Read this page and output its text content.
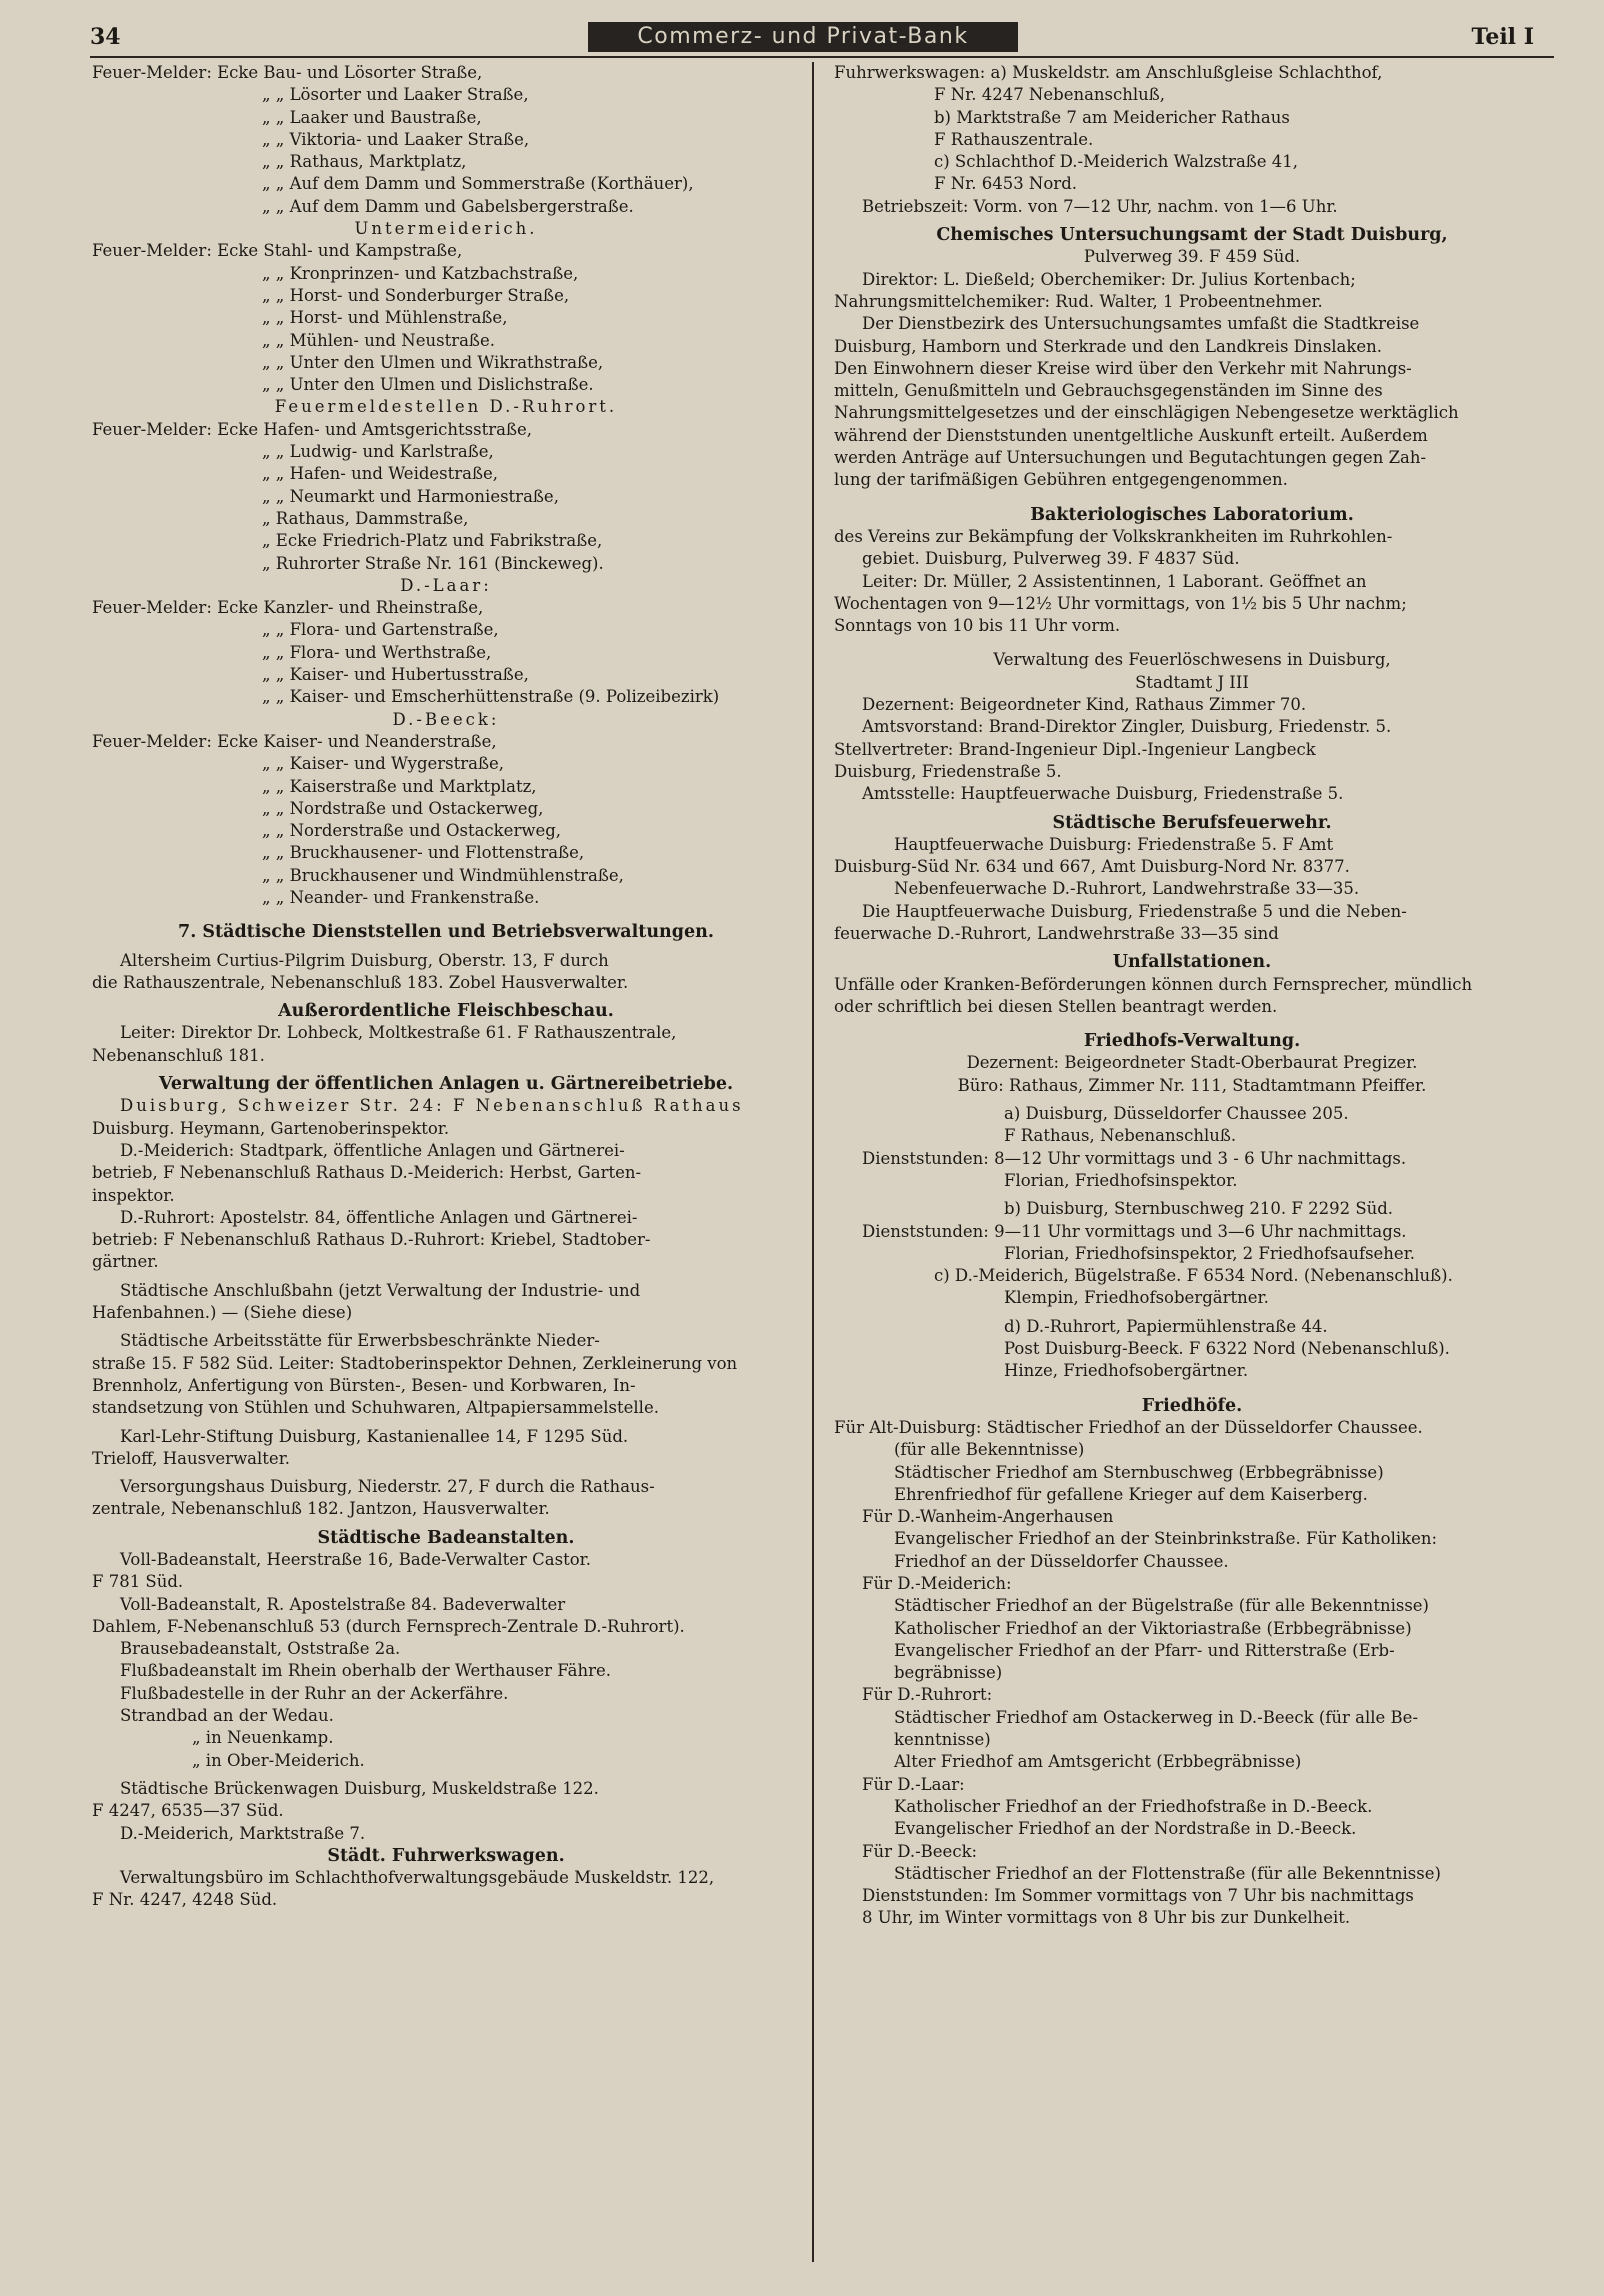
34	Commerz- und Privat-Bank	Teil I
Feuer-Melder: Ecke Bau- und Lösorter Straße,
„ „ Lösorter und Laaker Straße,
„ „ Laaker und Baustraße,
„ „ Viktoria- und Laaker Straße,
„ „ Rathaus, Marktplatz,
„ „ Auf dem Damm und Sommerstraße (Korthäuer),
„ „ Auf dem Damm und Gabelsbergerstraße.
Untermeiderich.
Feuer-Melder: Ecke Stahl- und Kampstraße,
„ „ Kronprinzen- und Katzbachstraße,
„ „ Horst- und Sonderburger Straße,
„ „ Horst- und Mühlenstraße,
„ „ Mühlen- und Neustraße.
„ „ Unter den Ulmen und Wikrathstraße,
„ „ Unter den Ulmen und Dislichstraße.
Feuermeldestellen D.-Ruhrort.
Feuer-Melder: Ecke Hafen- und Amtsgerichtsstraße,
„ „ Ludwig- und Karlstraße,
„ „ Hafen- und Weidestraße,
„ „ Neumarkt und Harmoniestraße,
„ Rathaus, Dammstraße,
„ Ecke Friedrich-Platz und Fabrikstraße,
„ Ruhrorter Straße Nr. 161 (Binckeweg).
D.-Laar:
Feuer-Melder: Ecke Kanzler- und Rheinstraße,
„ „ Flora- und Gartenstraße,
„ „ Flora- und Werthstraße,
„ „ Kaiser- und Hubertusstraße,
„ „ Kaiser- und Emscherhüttenstraße (9. Polizeibezirk)
D.-Beeck:
Feuer-Melder: Ecke Kaiser- und Neanderstraße,
„ „ Kaiser- und Wygerstraße,
„ „ Kaiserstraße und Marktplatz,
„ „ Nordstraße und Ostackerweg,
„ „ Norderstraße und Ostackerweg,
„ „ Bruckhausener- und Flottenstraße,
„ „ Bruckhausener und Windmühlenstraße,
„ „ Neander- und Frankenstraße.
7. Städtische Dienststellen und Betriebsverwaltungen.
Altersheim Curtius-Pilgrim Duisburg, Oberstr. 13, F durch
die Rathauszentrale, Nebenanschluß 183. Zobel Hausverwalter.
Außerordentliche Fleischbeschau.
Leiter: Direktor Dr. Lohbeck, Moltkestraße 61. F Rathauszentrale,
Nebenanschluß 181.
Verwaltung der öffentlichen Anlagen u. Gärtnereibetriebe.
Duisburg, Schweizer Str. 24: F Nebenanschluß Rathaus
Duisburg. Heymann, Gartenoberinspektor.
D.-Meiderich: Stadtpark, öffentliche Anlagen und Gärtnerei-
betrieb, F Nebenanschluß Rathaus D.-Meiderich: Herbst, Garten-
inspektor.
D.-Ruhrort: Apostelstr. 84, öffentliche Anlagen und Gärtnerei-
betrieb: F Nebenanschluß Rathaus D.-Ruhrort: Kriebel, Stadtober-
gärtner.
Städtische Anschlußbahn (jetzt Verwaltung der Industrie- und
Hafenbahnen.) — (Siehe diese)
Städtische Arbeitsstätte für Erwerbsbeschränkte Nieder-
straße 15. F 582 Süd. Leiter: Stadtoberinspektor Dehnen, Zerkleinerung von
Brennholz, Anfertigung von Bürsten-, Besen- und Korbwaren, In-
standsetzung von Stühlen und Schuhwaren, Altpapiersammelstelle.
Karl-Lehr-Stiftung Duisburg, Kastanienallee 14, F 1295 Süd.
Trieloff, Hausverwalter.
Versorgungshaus Duisburg, Niederstr. 27, F durch die Rathaus-
zentrale, Nebenanschluß 182. Jantzon, Hausverwalter.
Städtische Badeanstalten.
Voll-Badeanstalt, Heerstraße 16, Bade-Verwalter Castor.
F 781 Süd.
Voll-Badeanstalt, R. Apostelstraße 84. Badeverwalter
Dahlem, F-Nebenanschluß 53 (durch Fernsprech-Zentrale D.-Ruhrort).
Brausebadeanstalt, Oststraße 2a.
Flußbadeanstalt im Rhein oberhalb der Werthauser Fähre.
Flußbadestelle in der Ruhr an der Ackerfähre.
Strandbad an der Wedau.
„ in Neuenkamp.
„ in Ober-Meiderich.
Städtische Brückenwagen Duisburg, Muskeldstraße 122.
F 4247, 6535—37 Süd.
D.-Meiderich, Marktstraße 7.
Städt. Fuhrwerkswagen.
Verwaltungsbüro im Schlachthofverwaltungsgebäude Muskeldstr. 122,
F Nr. 4247, 4248 Süd.
Fuhrwerkswagen: a) Muskeldstr. am Anschlußgleise Schlachthof,
F Nr. 4247 Nebenanschluß,
b) Marktstraße 7 am Meidericher Rathaus
F Rathauszentrale.
c) Schlachthof D.-Meiderich Walzstraße 41,
F Nr. 6453 Nord.
Betriebszeit: Vorm. von 7—12 Uhr, nachm. von 1—6 Uhr.
Chemisches Untersuchungsamt der Stadt Duisburg,
Pulverweg 39. F 459 Süd.
Direktor: L. Dießeld; Oberchemiker: Dr. Julius Kortenbach;
Nahrungsmittelchemiker: Rud. Walter, 1 Probeentnehmer.
Der Dienstbezirk des Untersuchungsamtes umfaßt die Stadtkreise
Duisburg, Hamborn und Sterkrade und den Landkreis Dinslaken.
Den Einwohnern dieser Kreise wird über den Verkehr mit Nahrungs-
mitteln, Genußmitteln und Gebrauchsgegenständen im Sinne des
Nahrungsmittelgesetzes und der einschlägigen Nebengesetze werktäglich
während der Dienststunden unentgeltliche Auskunft erteilt. Außerdem
werden Anträge auf Untersuchungen und Begutachtungen gegen Zah-
lung der tarifmäßigen Gebühren entgegengenommen.
Bakteriologisches Laboratorium.
des Vereins zur Bekämpfung der Volkskrankheiten im Ruhrkohlen-
gebiet. Duisburg, Pulverweg 39. F 4837 Süd.
Leiter: Dr. Müller, 2 Assistentinnen, 1 Laborant. Geöffnet an
Wochentagen von 9—12½ Uhr vormittags, von 1½ bis 5 Uhr nachm;
Sonntags von 10 bis 11 Uhr vorm.
Verwaltung des Feuerlöschwesens in Duisburg,
Stadtamt J III
Dezernent: Beigeordneter Kind, Rathaus Zimmer 70.
Amtsvorstand: Brand-Direktor Zingler, Duisburg, Friedenstr. 5.
Stellvertreter: Brand-Ingenieur Dipl.-Ingenieur Langbeck
Duisburg, Friedenstraße 5.
Amtsstelle: Hauptfeuerwache Duisburg, Friedenstraße 5.
Städtische Berufsfeuerwehr.
Hauptfeuerwache Duisburg: Friedenstraße 5. F Amt
Duisburg-Süd Nr. 634 und 667, Amt Duisburg-Nord Nr. 8377.
Nebenfeuerwache D.-Ruhrort, Landwehrstraße 33—35.
Die Hauptfeuerwache Duisburg, Friedenstraße 5 und die Neben-
feuerwache D.-Ruhrort, Landwehrstraße 33—35 sind
Unfallstationen.
Unfälle oder Kranken-Beförderungen können durch Fernsprecher, mündlich
oder schriftlich bei diesen Stellen beantragt werden.
Friedhofs-Verwaltung.
Dezernent: Beigeordneter Stadt-Oberbaurat Pregizer.
Büro: Rathaus, Zimmer Nr. 111, Stadtamtmann Pfeiffer.
a) Duisburg, Düsseldorfer Chaussee 205.
F Rathaus, Nebenanschluß.
Dienststunden: 8—12 Uhr vormittags und 3 - 6 Uhr nachmittags.
Florian, Friedhofsinspektor.
b) Duisburg, Sternbuschweg 210. F 2292 Süd.
Dienststunden: 9—11 Uhr vormittags und 3—6 Uhr nachmittags.
Florian, Friedhofsinspektor, 2 Friedhofsaufseher.
c) D.-Meiderich, Bügelstraße. F 6534 Nord. (Nebenanschluß).
Klempin, Friedhofsobergärtner.
d) D.-Ruhrort, Papiermühlenstraße 44.
Post Duisburg-Beeck. F 6322 Nord (Nebenanschluß).
Hinze, Friedhofsobergärtner.
Friedhöfe.
Für Alt-Duisburg: Städtischer Friedhof an der Düsseldorfer Chaussee.
(für alle Bekenntnisse)
Städtischer Friedhof am Sternbuschweg (Erbbegräbnisse)
Ehrenfriedhof für gefallene Krieger auf dem Kaiserberg.
Für D.-Wanheim-Angerhausen
Evangelischer Friedhof an der Steinbrinkstraße. Für Katholiken:
Friedhof an der Düsseldorfer Chaussee.
Für D.-Meiderich:
Städtischer Friedhof an der Bügelstraße (für alle Bekenntnisse)
Katholischer Friedhof an der Viktoriastraße (Erbbegräbnisse)
Evangelischer Friedhof an der Pfarr- und Ritterstraße (Erb-
begräbnisse)
Für D.-Ruhrort:
Städtischer Friedhof am Ostackerweg in D.-Beeck (für alle Be-
kenntnisse)
Alter Friedhof am Amtsgericht (Erbbegräbnisse)
Für D.-Laar:
Katholischer Friedhof an der Friedhofstraße in D.-Beeck.
Evangelischer Friedhof an der Nordstraße in D.-Beeck.
Für D.-Beeck:
Städtischer Friedhof an der Flottenstraße (für alle Bekenntnisse)
Dienststunden: Im Sommer vormittags von 7 Uhr bis nachmittags
8 Uhr, im Winter vormittags von 8 Uhr bis zur Dunkelheit.
